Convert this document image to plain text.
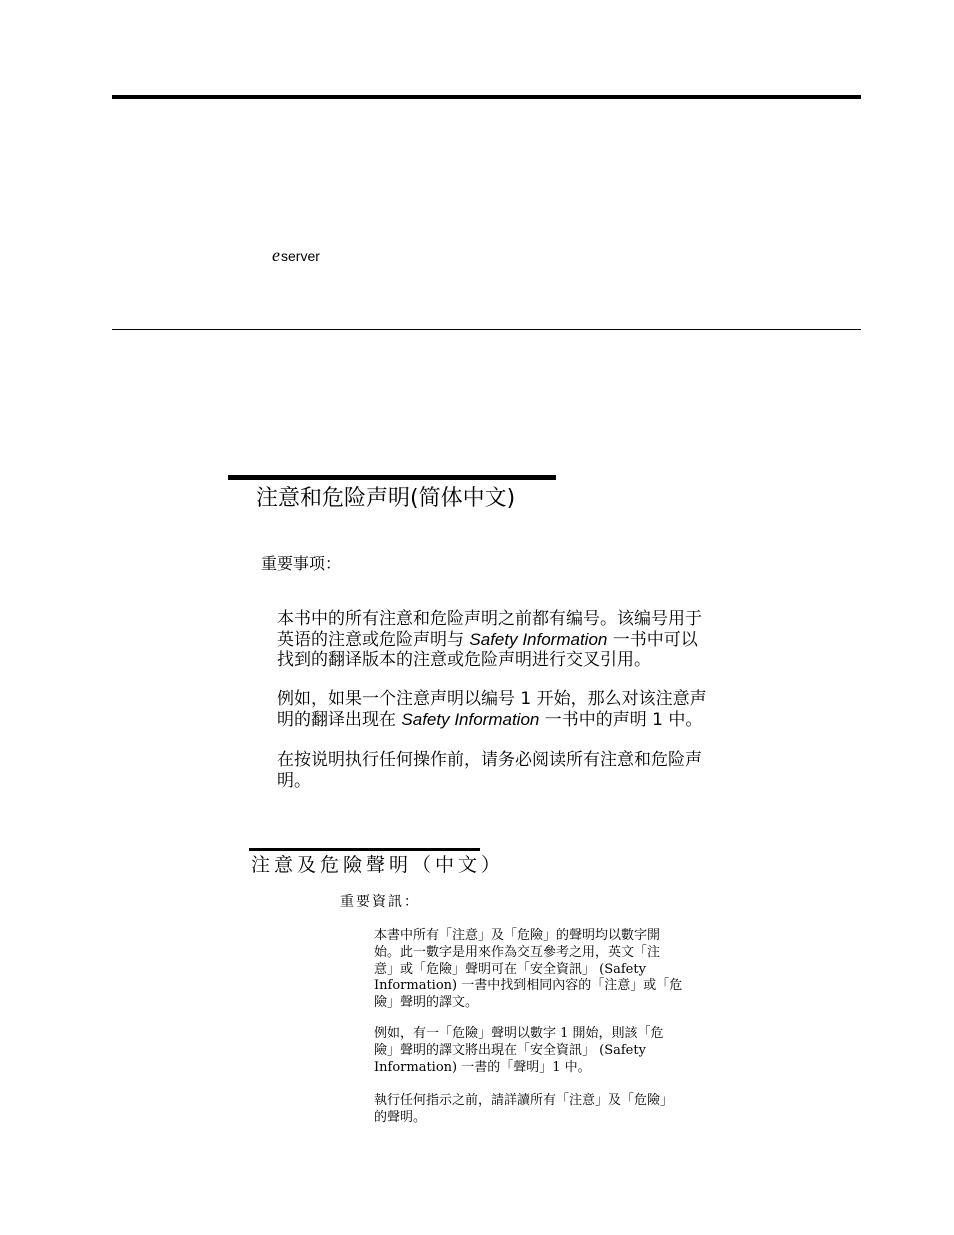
eserver
注意和危险声明(简体中文)
重要事项：
本书中的所有注意和危险声明之前都有编号。该编号用于
英语的注意或危险声明与 Safety Information 一书中可以
找到的翻译版本的注意或危险声明进行交叉引用。
例如，如果一个注意声明以编号 1 开始，那么对该注意声
明的翻译出现在 Safety Information 一书中的声明 1 中。
在按说明执行任何操作前，请务必阅读所有注意和危险声
明。
注意及危險聲明（中文）
重要資訊：
本書中所有「注意」及「危險」的聲明均以數字開
始。此一數字是用來作為交互參考之用，英文「注
意」或「危險」聲明可在「安全資訊」 (Safety
Information) 一書中找到相同內容的「注意」或「危
險」聲明的譯文。
例如，有一「危險」聲明以數字 1 開始，則該「危
險」聲明的譯文將出現在「安全資訊」 (Safety
Information) 一書的「聲明」1 中。
執行任何指示之前，請詳讀所有「注意」及「危險」
的聲明。
